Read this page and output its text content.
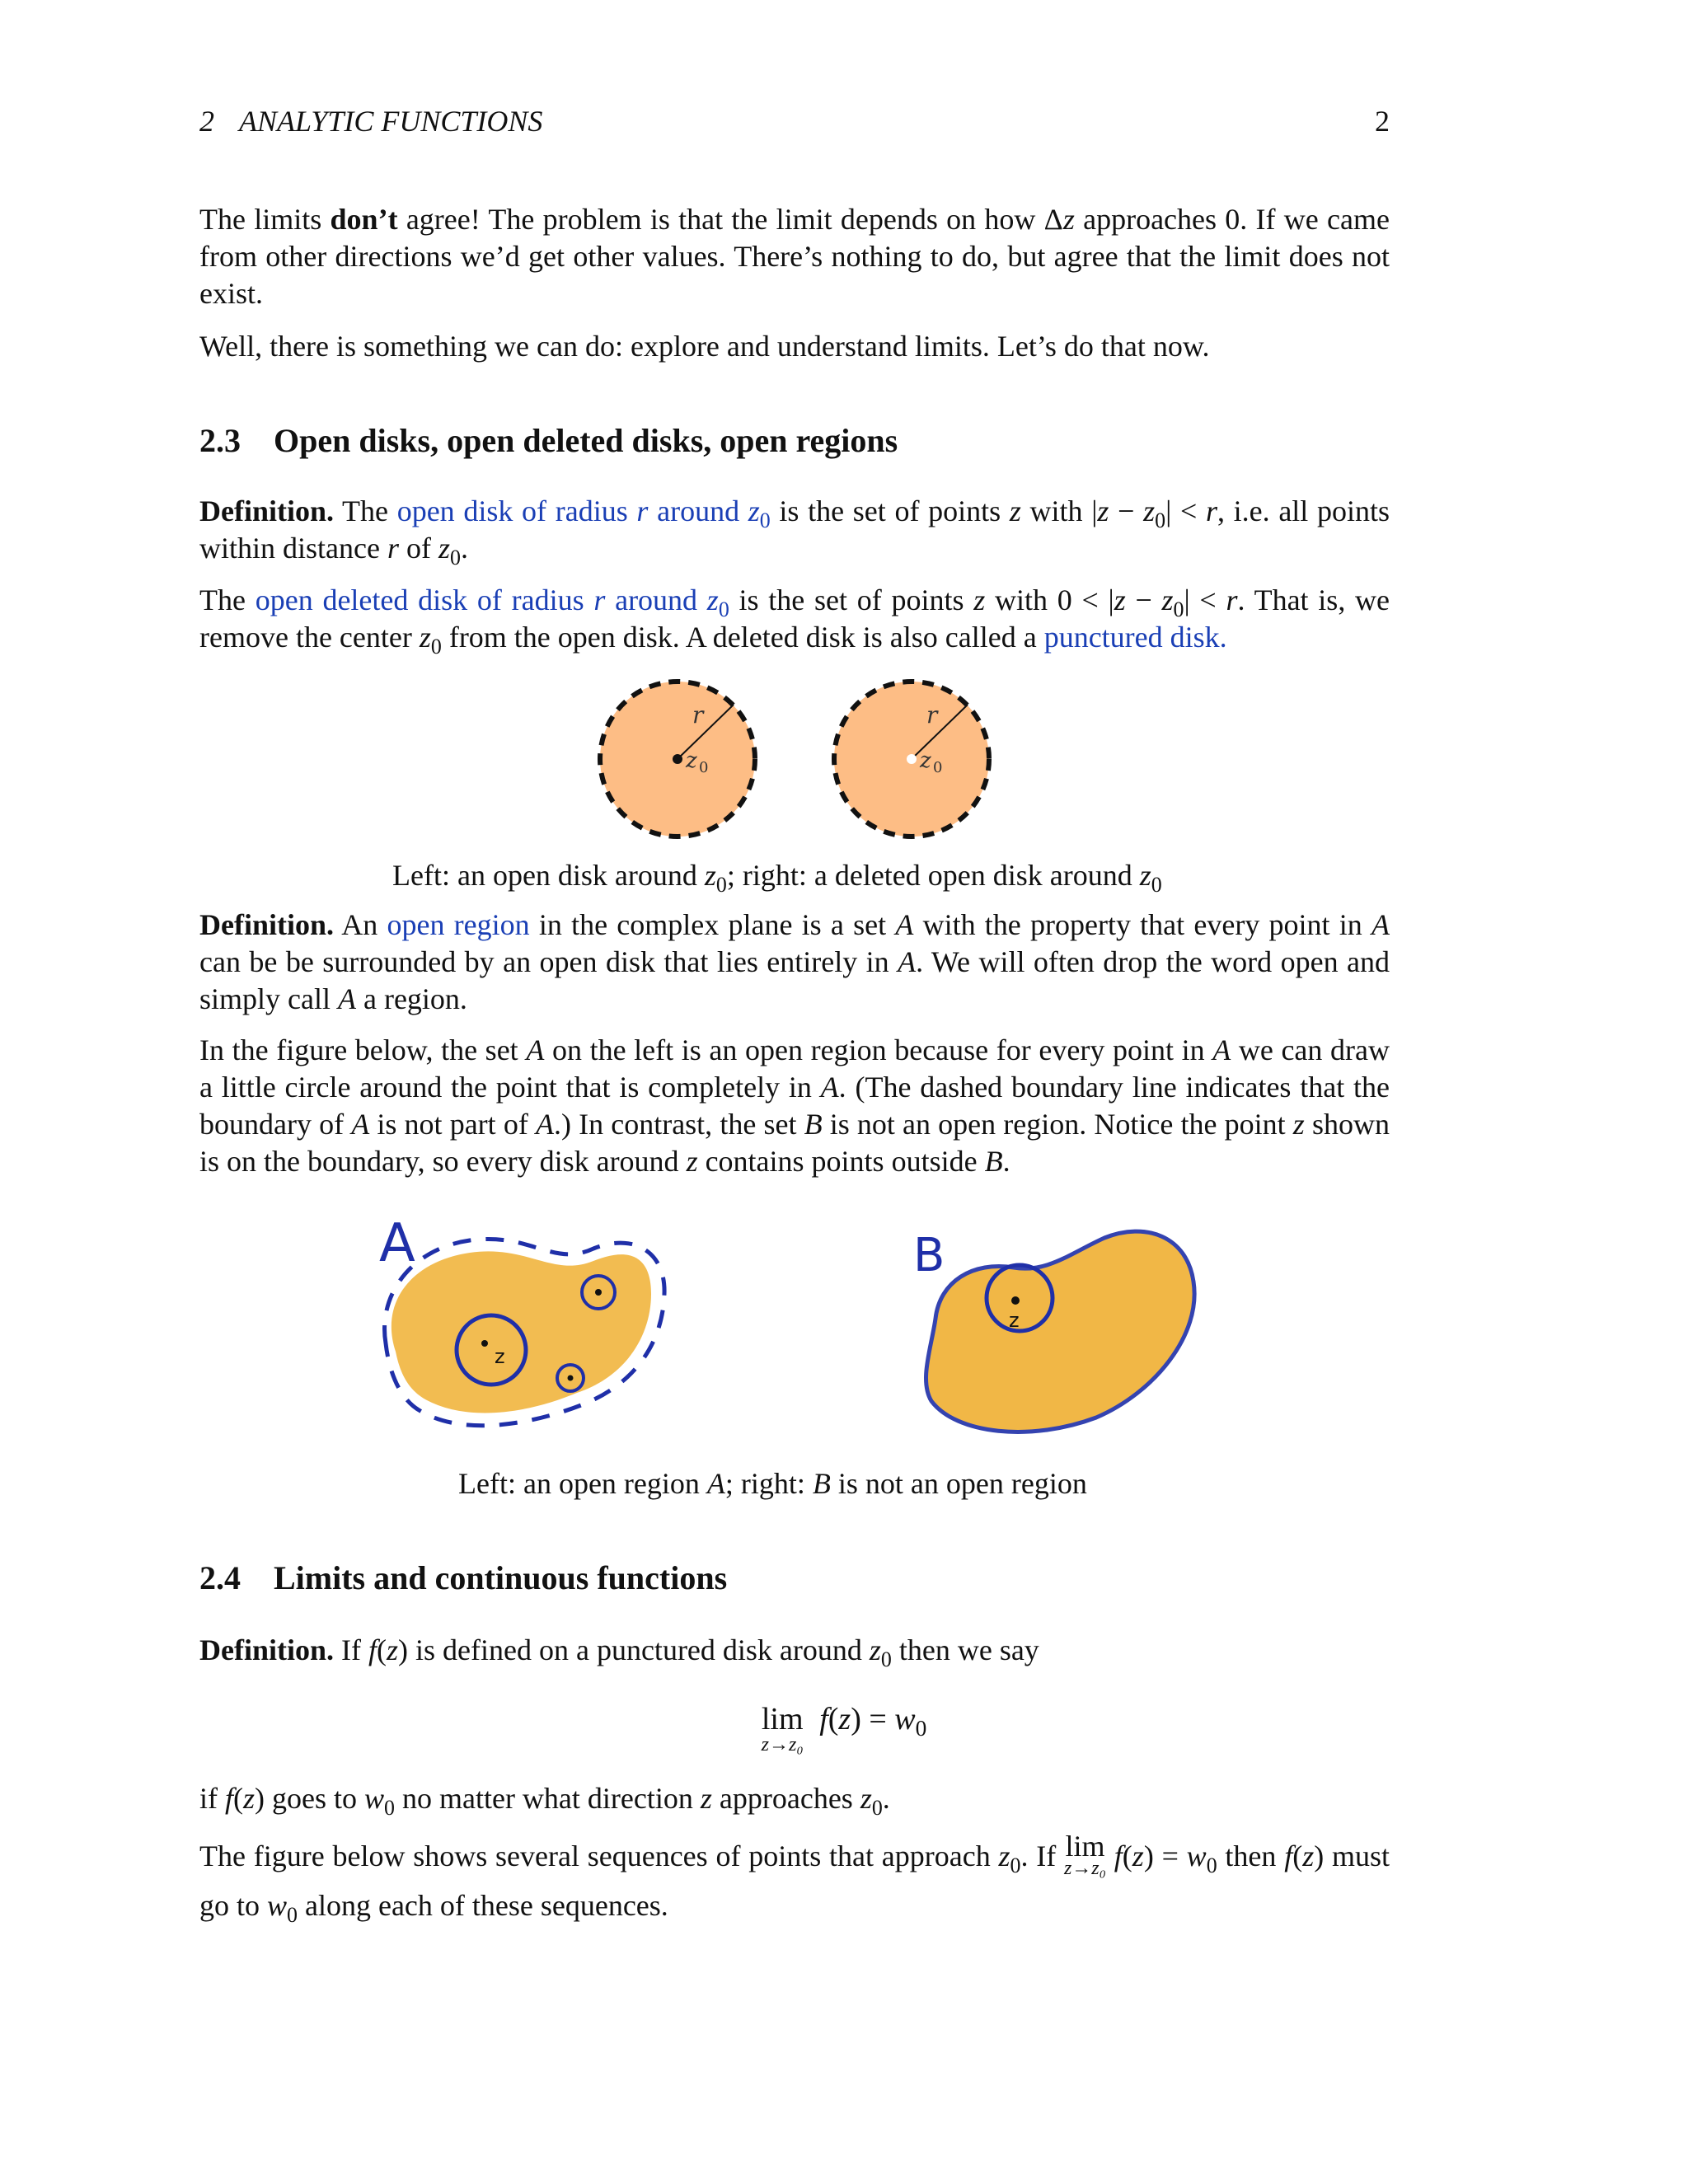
2 ANALYTIC FUNCTIONS	2

The limits don’t agree! The problem is that the limit depends on how Δz approaches 0. If we came from other directions we’d get other values. There’s nothing to do, but agree that the limit does not exist.

Well, there is something we can do: explore and understand limits. Let’s do that now.

2.3 Open disks, open deleted disks, open regions

Definition. The open disk of radius r around $z_0$ is the set of points z with $|z - z_0| < r$, i.e. all points within distance r of $z_0$.

The open deleted disk of radius r around $z_0$ is the set of points z with $0 < |z - z_0| < r$. That is, we remove the center $z_0$ from the open disk. A deleted disk is also called a punctured disk.

r
z 0
r
z 0
Left: an open disk around $z_0$; right: a deleted open disk around $z_0$

Definition. An open region in the complex plane is a set A with the property that every point in A can be be surrounded by an open disk that lies entirely in A. We will often drop the word open and simply call A a region.

In the figure below, the set A on the left is an open region because for every point in A we can draw a little circle around the point that is completely in A. (The dashed boundary line indicates that the boundary of A is not part of A.) In contrast, the set B is not an open region. Notice the point z shown is on the boundary, so every disk around z contains points outside B.

z
A
z
B
Left: an open region A; right: B is not an open region
2.4 Limits and continuous functions

Definition. If f(z) is defined on a punctured disk around $z_0$ then we say

lim
z→z₀
$f(z) = w_0$

if f(z) goes to $w_0$ no matter what direction z approaches $z_0$.

The figure below shows several sequences of points that approach $z_0$. If lim
z→z₀ $f(z) = w_0$ then f(z) must go to $w_0$ along each of these sequences.
